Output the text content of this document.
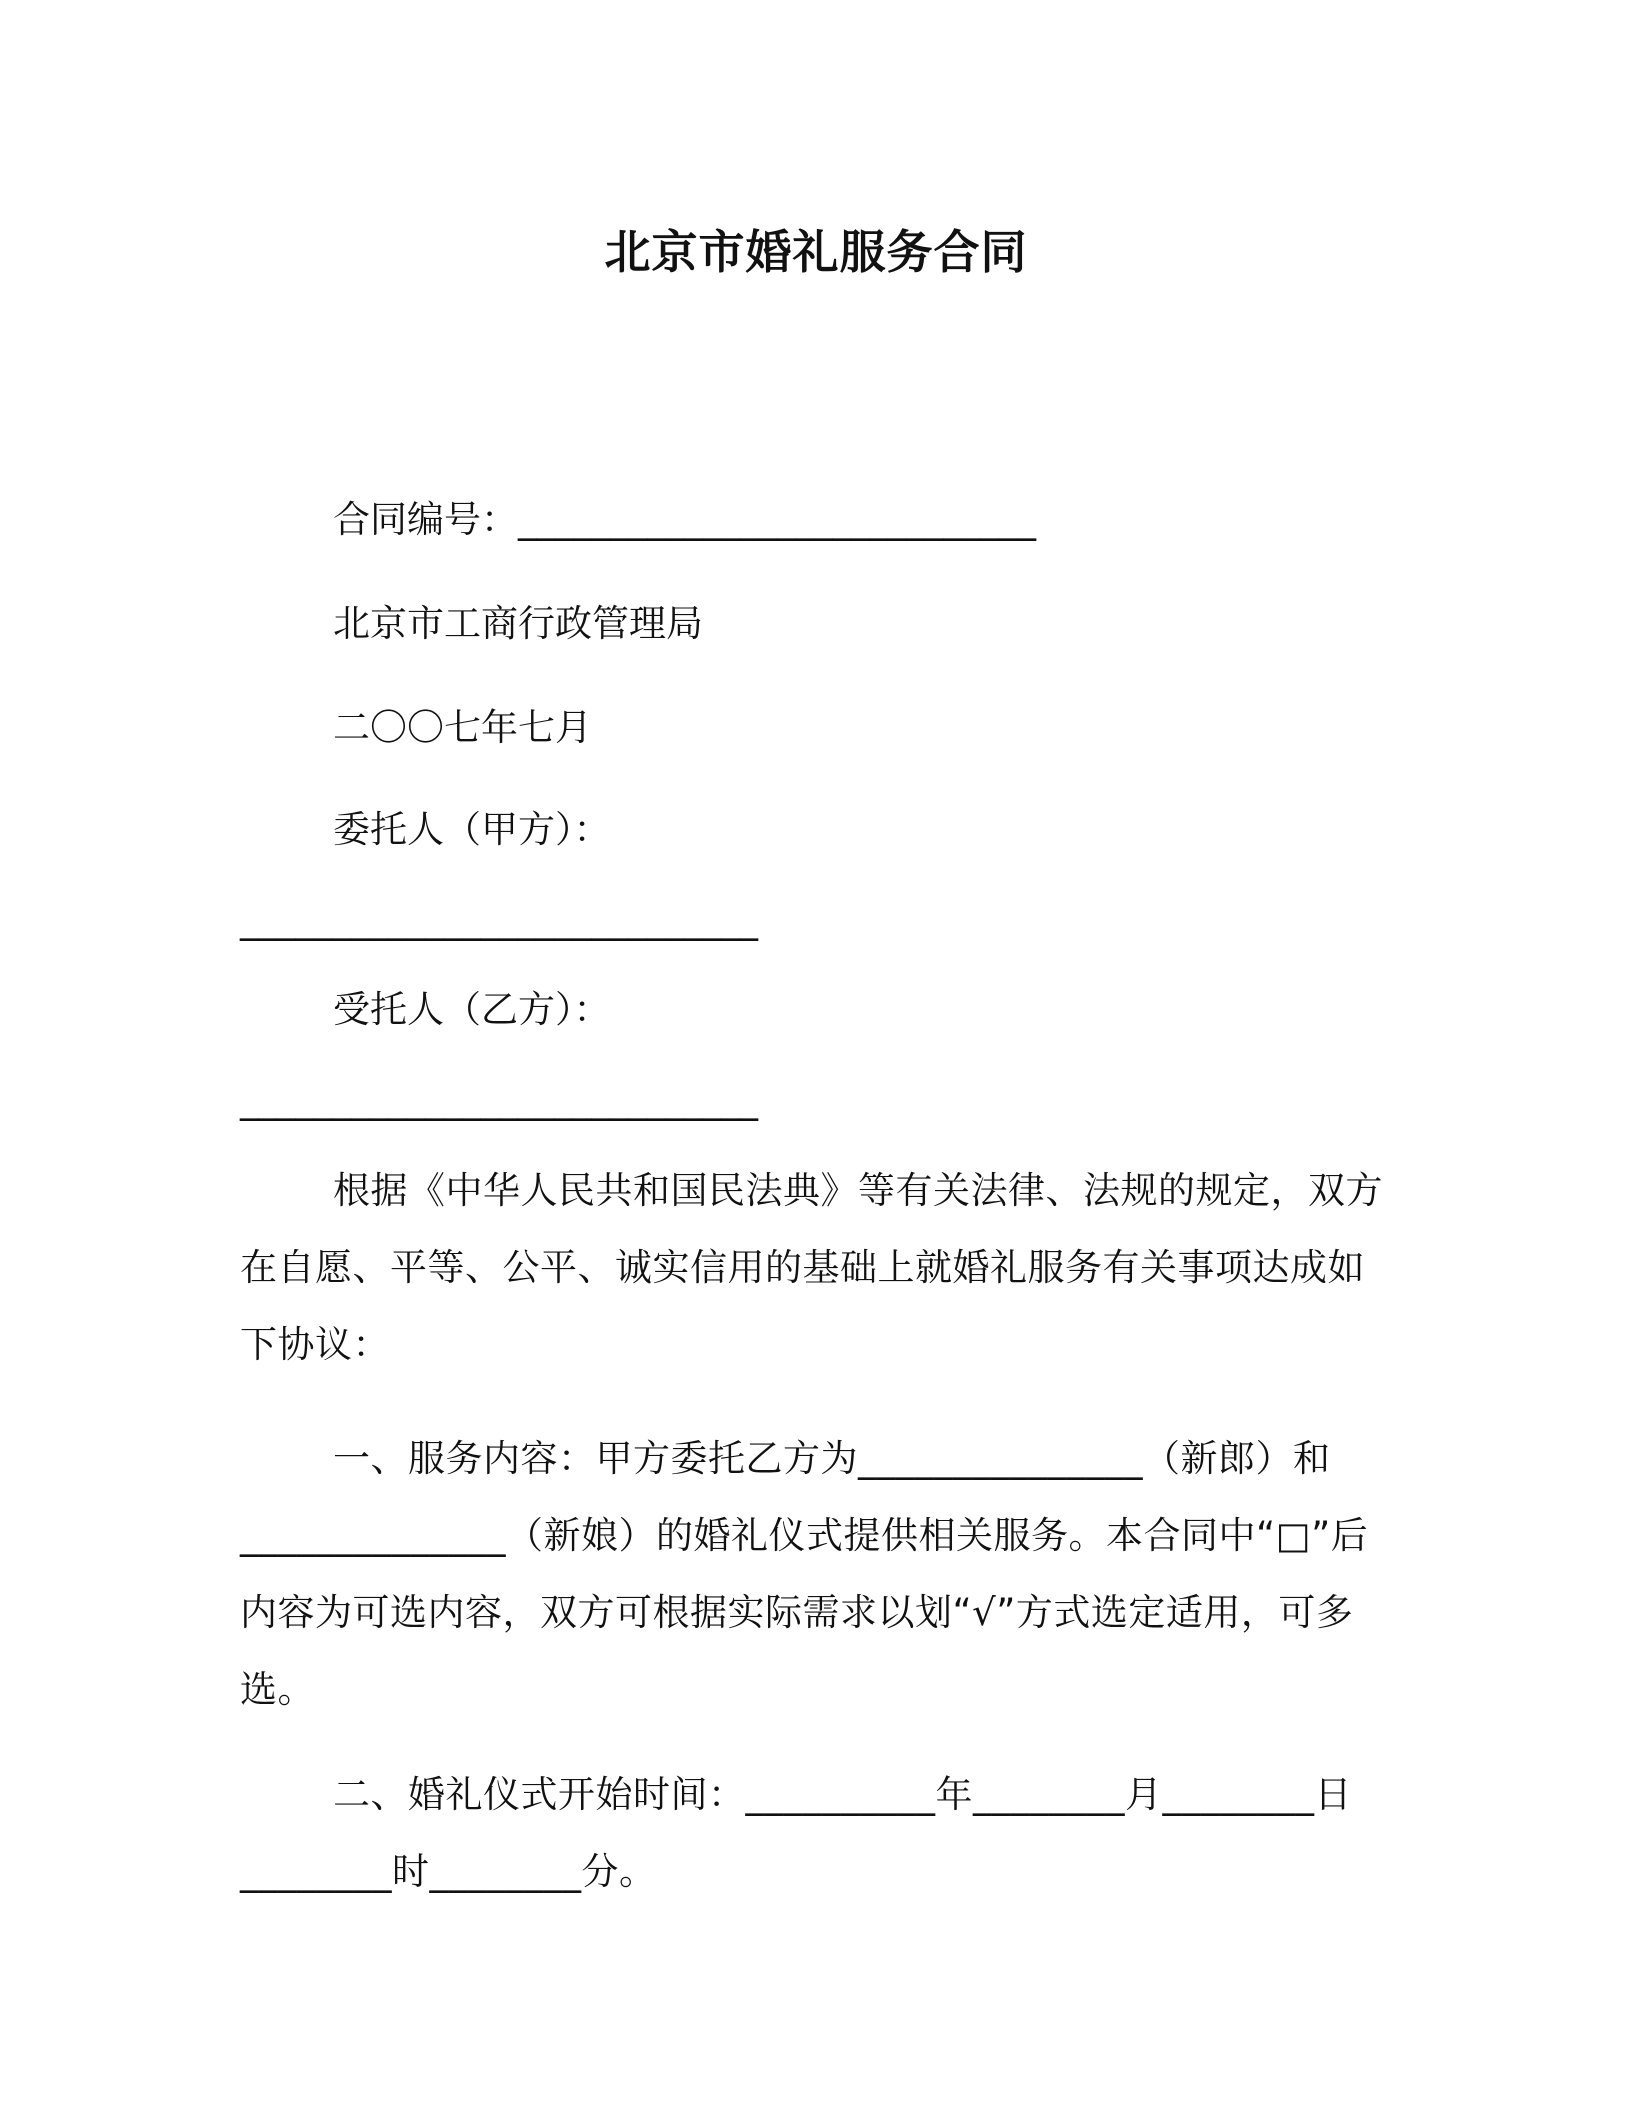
北京市婚礼服务合同
合同编号：____________________________
北京市工商行政管理局
二〇〇七年七月
委托人（甲方）：
____________________________
受托人（乙方）：
____________________________
根据《中华人民共和国民法典》等有关法律、法规的规定，双方在自愿、平等、公平、诚实信用的基础上就婚礼服务有关事项达成如下协议：
一、服务内容：甲方委托乙方为_______________（新郎）和______________（新娘）的婚礼仪式提供相关服务。本合同中“□”后内容为可选内容，双方可根据实际需求以划“√”方式选定适用，可多选。
二、婚礼仪式开始时间：__________年________月________日________时________分。
